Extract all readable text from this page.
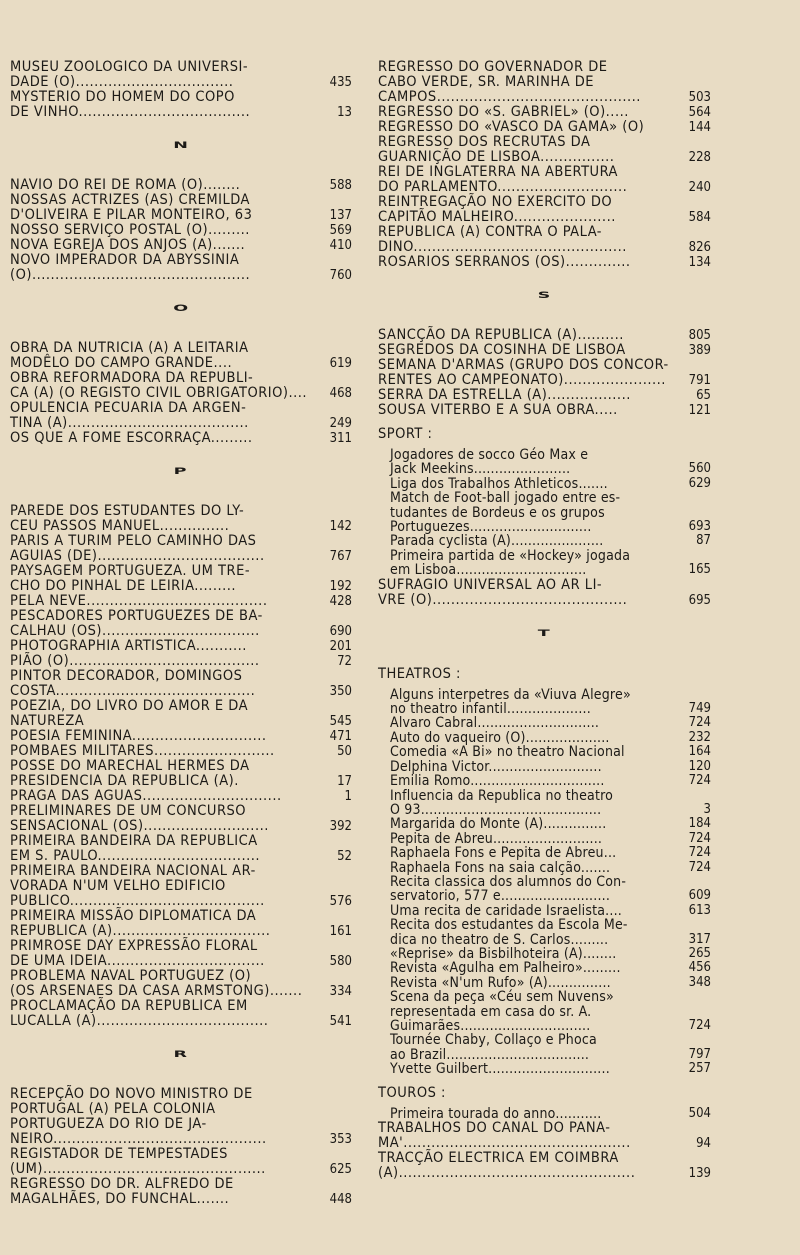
MUSEU ZOOLOGICO DA UNIVERSI-
DADE (O)..................................	435
MYSTERIO DO HOMEM DO COPO
DE VINHO.....................................	13
N
NAVIO DO REI DE ROMA (O)........	588
NOSSAS ACTRIZES (AS) CREMILDA
D'OLIVEIRA E PILAR MONTEIRO, 63	137
NOSSO SERVIÇO POSTAL (O).........	569
NOVA EGREJA DOS ANJOS (A).......	410
NOVO IMPERADOR DA ABYSSINIA
(O)...............................................	760
O
OBRA DA NUTRICIA (A) A LEITARIA
MODÊLO DO CAMPO GRANDE....	619
OBRA REFORMADORA DA REPUBLI-
CA (A) (O REGISTO CIVIL OBRIGATORIO)....	468
OPULENCIA PECUARIA DA ARGEN-
TINA (A).......................................	249
OS QUE A FOME ESCORRAÇA.........	311
P
PAREDE DOS ESTUDANTES DO LY-
CEU PASSOS MANUEL...............	142
PARIS A TURIM PELO CAMINHO DAS
AGUIAS (DE)....................................	767
PAYSAGEM PORTUGUEZA. UM TRE-
CHO DO PINHAL DE LEIRIA.........	192
PELA NEVE.......................................	428
PESCADORES PORTUGUEZES DE BA-
CALHAU (OS)..................................	690
PHOTOGRAPHIA ARTISTICA...........	201
PIÃO (O).........................................	72
PINTOR DECORADOR, DOMINGOS
COSTA...........................................	350
POEZIA, DO LIVRO DO AMOR E DA NATUREZA	545
POESIA FEMININA.............................	471
POMBAES MILITARES..........................	50
POSSE DO MARECHAL HERMES DA
PRESIDENCIA DA REPUBLICA (A).	17
PRAGA DAS AGUAS..............................	1
PRELIMINARES DE UM CONCURSO
SENSACIONAL (OS)...........................	392
PRIMEIRA BANDEIRA DA REPUBLICA
EM S. PAULO...................................	52
PRIMEIRA BANDEIRA NACIONAL AR-
VORADA N'UM VELHO EDIFICIO
PUBLICO..........................................	576
PRIMEIRA MISSÃO DIPLOMATICA DA
REPUBLICA (A)..................................	161
PRIMROSE DAY EXPRESSÃO FLORAL
DE UMA IDEIA..................................	580
PROBLEMA NAVAL PORTUGUEZ (O)
(OS ARSENAES DA CASA ARMSTONG).......	334
PROCLAMAÇÃO DA REPUBLICA EM
LUCALLA (A).....................................	541
R
RECEPÇÃO DO NOVO MINISTRO DE
PORTUGAL (A) PELA COLONIA
PORTUGUEZA DO RIO DE JA-
NEIRO..............................................	353
REGISTADOR DE TEMPESTADES
(UM)................................................	625
REGRESSO DO DR. ALFREDO DE
MAGALHÃES, DO FUNCHAL.......	448
REGRESSO DO GOVERNADOR DE
CABO VERDE, SR. MARINHA DE
CAMPOS............................................	503
REGRESSO DO «S. GABRIEL» (O).....	564
REGRESSO DO «VASCO DA GAMA» (O)	144
REGRESSO DOS RECRUTAS DA
GUARNIÇÃO DE LISBOA................	228
REI DE INGLATERRA NA ABERTURA
DO PARLAMENTO............................	240
REINTREGAÇÃO NO EXERCITO DO
CAPITÃO MALHEIRO......................	584
REPUBLICA (A) CONTRA O PALA-
DINO..............................................	826
ROSARIOS SERRANOS (OS)..............	134
S
SANCÇÃO DA REPUBLICA (A)..........	805
SEGREDOS DA COSINHA DE LISBOA	389
SEMANA D'ARMAS (GRUPO DOS CONCOR-
RENTES AO CAMPEONATO)......................	791
SERRA DA ESTRELLA (A)..................	65
SOUSA VITERBO E A SUA OBRA.....	121
SPORT :
Jogadores de socco Géo Max e
Jack Meekins.......................	560
Liga dos Trabalhos Athleticos.......	629
Match de Foot-ball jogado entre es-
tudantes de Bordeus e os grupos
Portuguezes.............................	693
Parada cyclista (A)......................	87
Primeira partida de «Hockey» jogada
em Lisboa...............................	165
SUFRAGIO UNIVERSAL AO AR LI-
VRE (O)..........................................	695
T
THEATROS :
Alguns interpetres da «Viuva Alegre»
no theatro infantil....................	749
Alvaro Cabral.............................	724
Auto do vaqueiro (O)....................	232
Comedia «A Bi» no theatro Nacional	164
Delphina Victor...........................	120
Emilia Romo................................	724
Influencia da Republica no theatro
O 93...........................................	3
Margarida do Monte (A)...............	184
Pepita de Abreu..........................	724
Raphaela Fons e Pepita de Abreu...	724
Raphaela Fons na saia calção.......	724
Recita classica dos alumnos do Con-
servatorio, 577 e..........................	609
Uma recita de caridade Israelista....	613
Recita dos estudantes da Escola Me-
dica no theatro de S. Carlos.........	317
«Reprise» da Bisbilhoteira (A)........	265
Revista «Agulha em Palheiro».........	456
Revista «N'um Rufo» (A)...............	348
Scena da peça «Céu sem Nuvens»
representada em casa do sr. A.
Guimarães...............................	724
Tournée Chaby, Collaço e Phoca
ao Brazil..................................	797
Yvette Guilbert.............................	257
TOUROS :
Primeira tourada do anno...........	504
TRABALHOS DO CANAL DO PANA-
MA'.................................................	94
TRACÇÃO ELECTRICA EM COIMBRA
(A)...................................................	139
